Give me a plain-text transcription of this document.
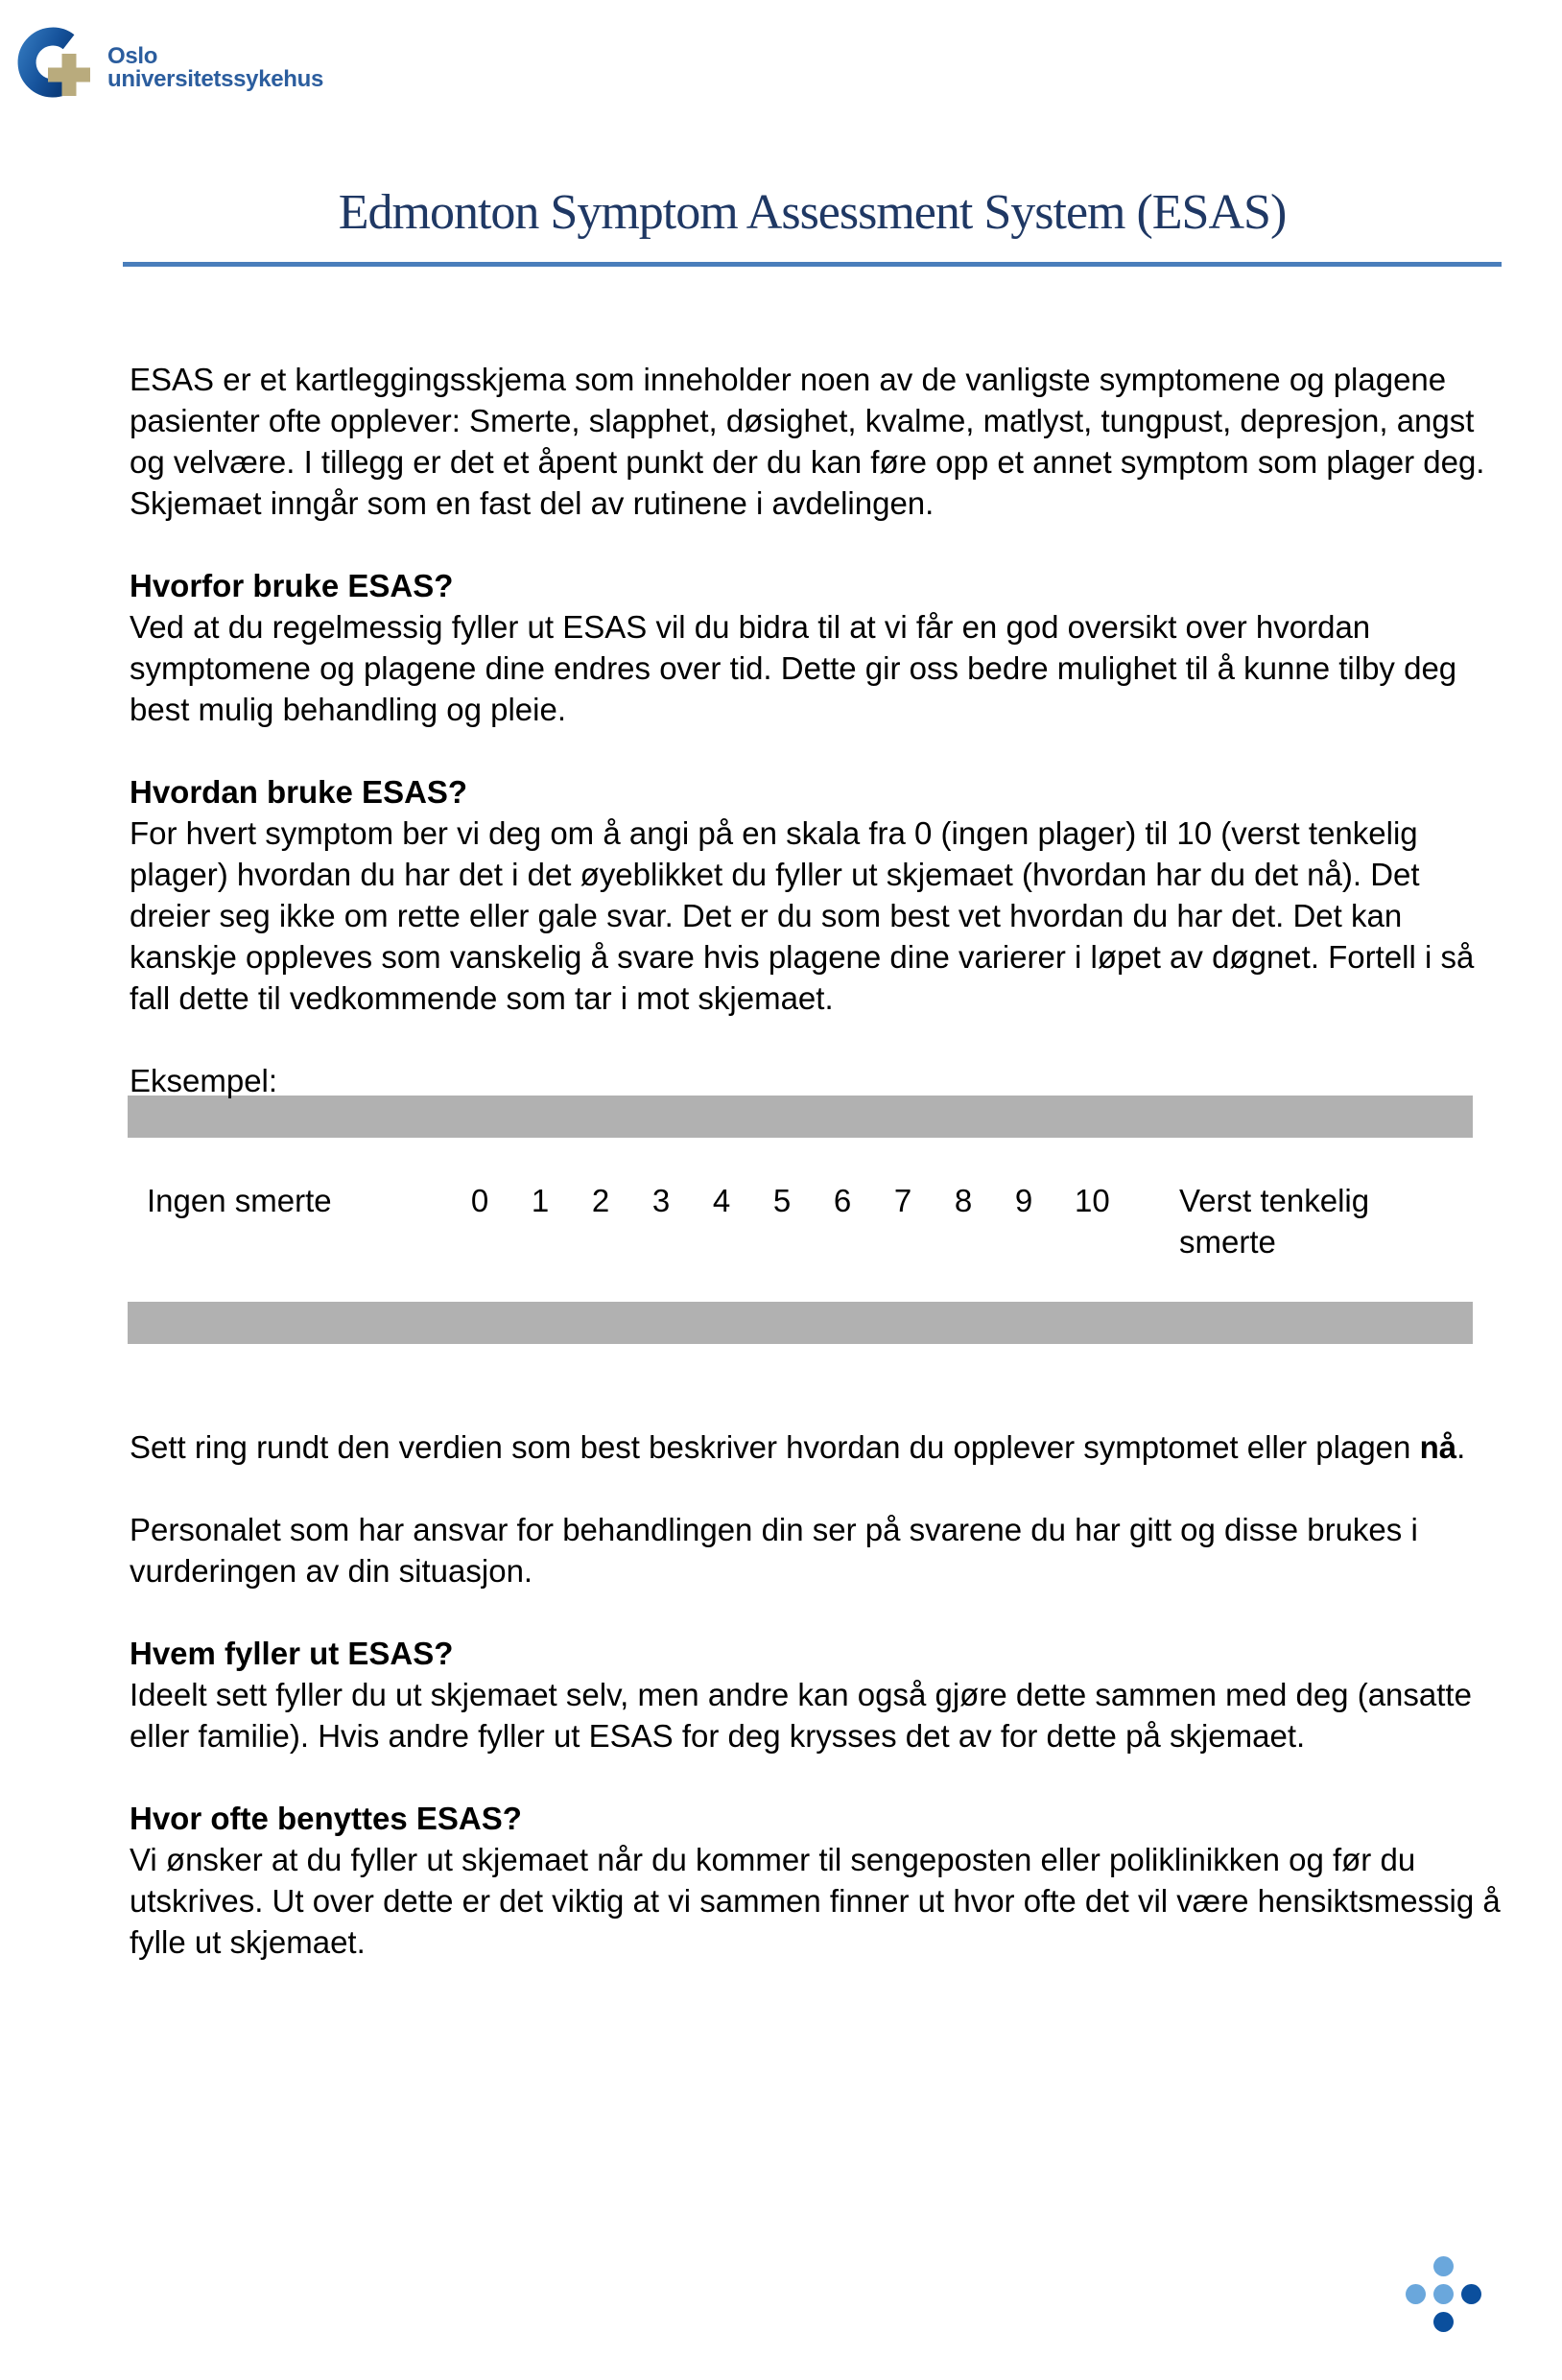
Oslo
universitetssykehus
Edmonton Symptom Assessment System (ESAS)

ESAS er et kartleggingsskjema som inneholder noen av de vanligste symptomene og plagene pasienter ofte opplever: Smerte, slapphet, døsighet, kvalme, matlyst, tungpust, depresjon, angst og velvære. I tillegg er det et åpent punkt der du kan føre opp et annet symptom som plager deg. Skjemaet inngår som en fast del av rutinene i avdelingen.

Hvorfor bruke ESAS?

Ved at du regelmessig fyller ut ESAS vil du bidra til at vi får en god oversikt over hvordan symptomene og plagene dine endres over tid. Dette gir oss bedre mulighet til å kunne tilby deg best mulig behandling og pleie.

Hvordan bruke ESAS?

For hvert symptom ber vi deg om å angi på en skala fra 0 (ingen plager) til 10 (verst tenkelig plager) hvordan du har det i det øyeblikket du fyller ut skjemaet (hvordan har du det nå). Det dreier seg ikke om rette eller gale svar. Det er du som best vet hvordan du har det. Det kan kanskje oppleves som vanskelig å svare hvis plagene dine varierer i løpet av døgnet. Fortell i så fall dette til vedkommende som tar i mot skjemaet.

Eksempel:
Ingen smerte	0 1 2 3 4 5 6 7 8 9 10 Verst tenkelig
smerte

Sett ring rundt den verdien som best beskriver hvordan du opplever symptomet eller plagen nå.

Personalet som har ansvar for behandlingen din ser på svarene du har gitt og disse brukes i vurderingen av din situasjon.

Hvem fyller ut ESAS?

Ideelt sett fyller du ut skjemaet selv, men andre kan også gjøre dette sammen med deg (ansatte eller familie). Hvis andre fyller ut ESAS for deg krysses det av for dette på skjemaet.

Hvor ofte benyttes ESAS?

Vi ønsker at du fyller ut skjemaet når du kommer til sengeposten eller poliklinikken og før du utskrives. Ut over dette er det viktig at vi sammen finner ut hvor ofte det vil være hensiktsmessig å fylle ut skjemaet.
